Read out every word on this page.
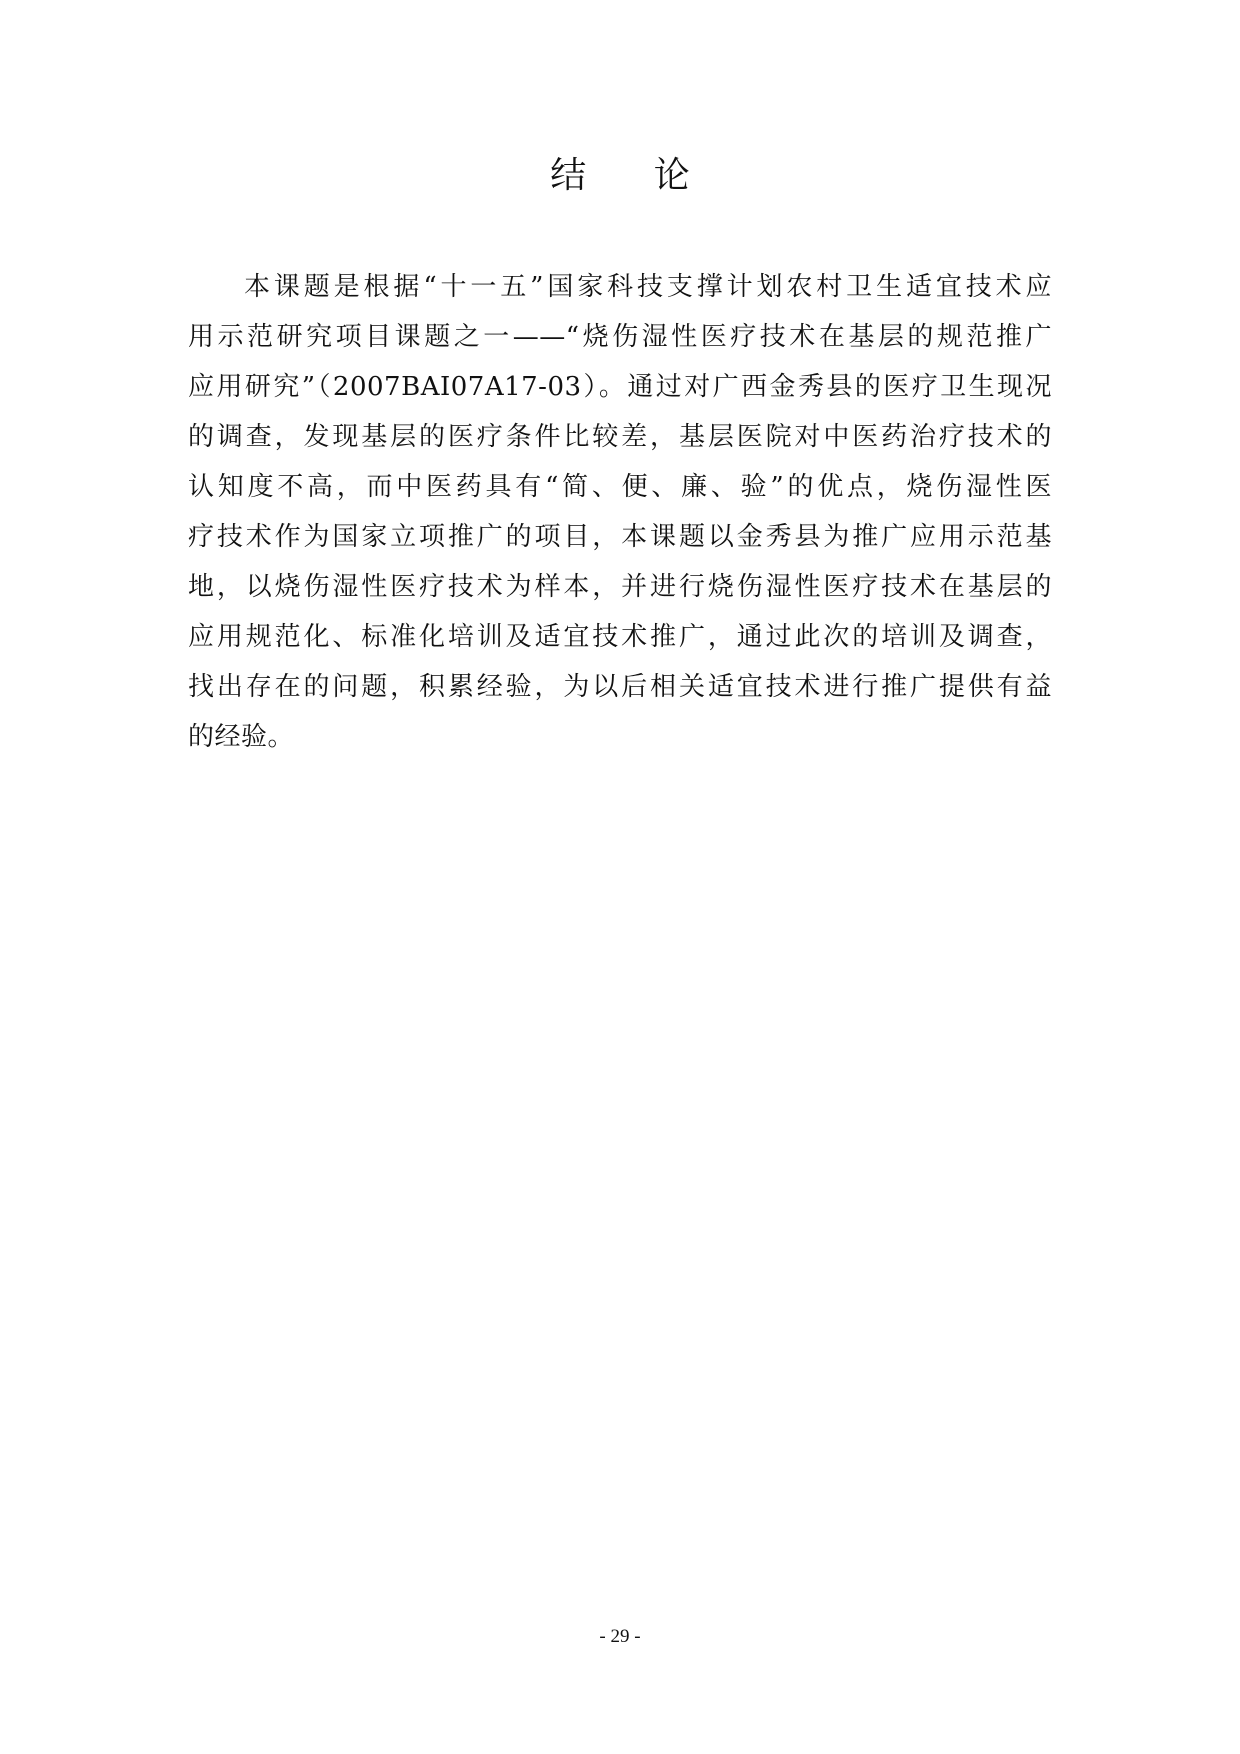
结 论
本课题是根据“十一五”国家科技支撑计划农村卫生适宜技术应
用示范研究项目课题之一——“烧伤湿性医疗技术在基层的规范推广
应用研究”（2007BAI07A17-03）。通过对广西金秀县的医疗卫生现况
的调查，发现基层的医疗条件比较差，基层医院对中医药治疗技术的
认知度不高，而中医药具有“简、便、廉、验”的优点，烧伤湿性医
疗技术作为国家立项推广的项目，本课题以金秀县为推广应用示范基
地，以烧伤湿性医疗技术为样本，并进行烧伤湿性医疗技术在基层的
应用规范化、标准化培训及适宜技术推广，通过此次的培训及调查，
找出存在的问题，积累经验，为以后相关适宜技术进行推广提供有益
的经验。
- 29 -
